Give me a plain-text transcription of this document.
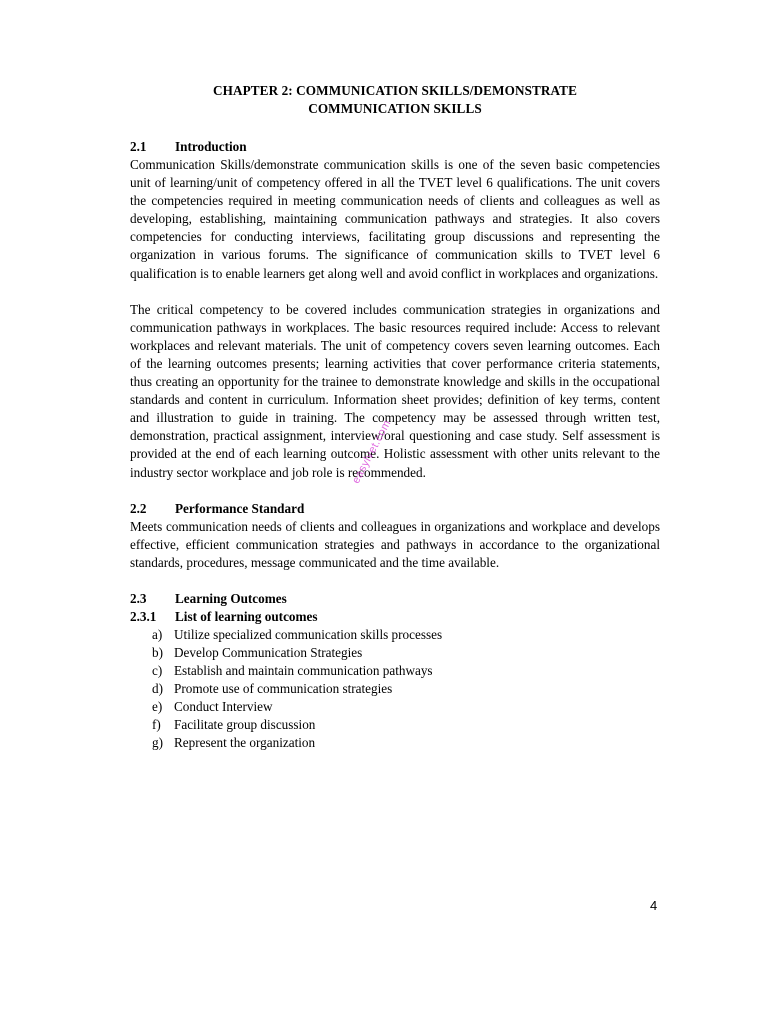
CHAPTER 2: COMMUNICATION SKILLS/DEMONSTRATE
COMMUNICATION SKILLS
2.1	Introduction

Communication Skills/demonstrate communication skills is one of the seven basic competencies unit of learning/unit of competency offered in all the TVET level 6 qualifications. The unit covers the competencies required in meeting communication needs of clients and colleagues as well as developing, establishing, maintaining communication pathways and strategies. It also covers competencies for conducting interviews, facilitating group discussions and representing the organization in various forums. The significance of communication skills to TVET level 6 qualification is to enable learners get along well and avoid conflict in workplaces and organizations.

The critical competency to be covered includes communication strategies in organizations and communication pathways in workplaces. The basic resources required include: Access to relevant workplaces and relevant materials. The unit of competency covers seven learning outcomes. Each of the learning outcomes presents; learning activities that cover performance criteria statements, thus creating an opportunity for the trainee to demonstrate knowledge and skills in the occupational standards and content in curriculum. Information sheet provides; definition of key terms, content and illustration to guide in training. The competency may be assessed through written test, demonstration, practical assignment, interview/oral questioning and case study. Self assessment is provided at the end of each learning outcome. Holistic assessment with other units relevant to the industry sector workplace and job role is recommended.

2.2	Performance Standard

Meets communication needs of clients and colleagues in organizations and workplace and develops effective, efficient communication strategies and pathways in accordance to the organizational standards, procedures, message communicated and the time available.

2.3	Learning Outcomes
2.3.1	List of learning outcomes
a) Utilize specialized communication skills processes
b) Develop Communication Strategies
c) Establish and maintain communication pathways
d) Promote use of communication strategies
e) Conduct Interview
f)	Facilitate group discussion
g) Represent the organization
easylvet.com
4
